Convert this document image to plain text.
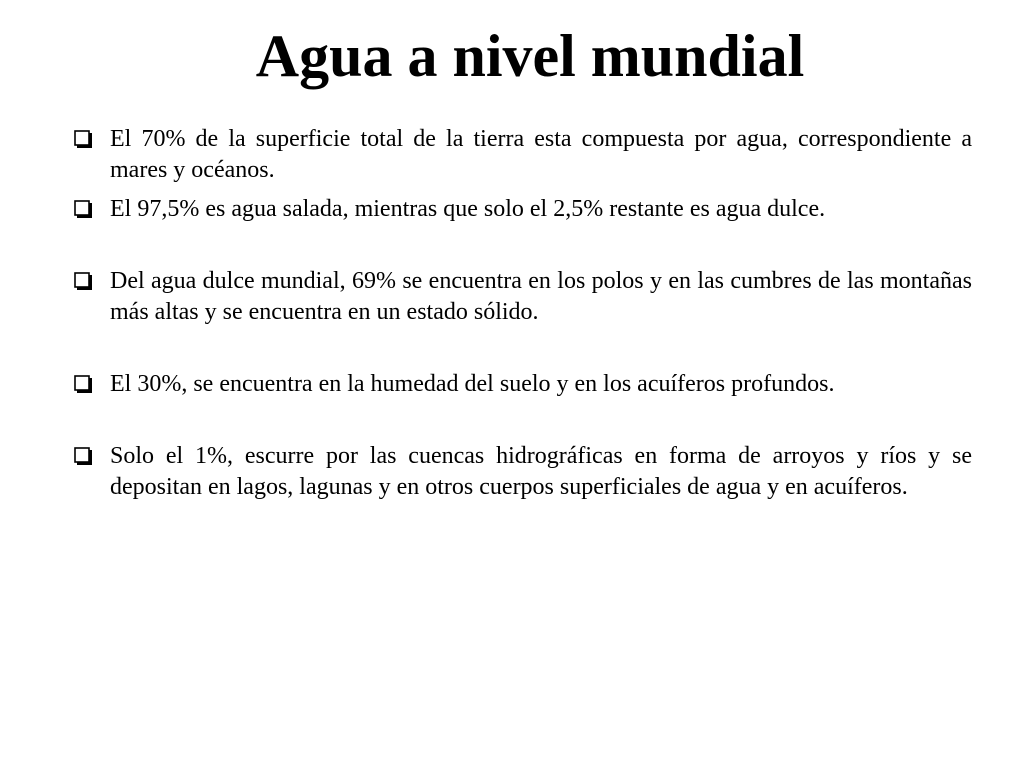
Agua a nivel mundial
El 70% de la superficie total de la tierra esta compuesta por agua, correspondiente a mares y océanos.
El 97,5% es agua salada, mientras que solo el 2,5% restante es agua dulce.
Del agua dulce mundial, 69% se encuentra en los polos y en las cumbres de las montañas más altas y se encuentra en un estado sólido.
El 30%, se encuentra en la humedad del suelo y en los acuíferos profundos.
Solo el 1%, escurre por las cuencas hidrográficas en forma de arroyos y ríos y se depositan en lagos, lagunas y en otros cuerpos superficiales de agua y en acuíferos.
